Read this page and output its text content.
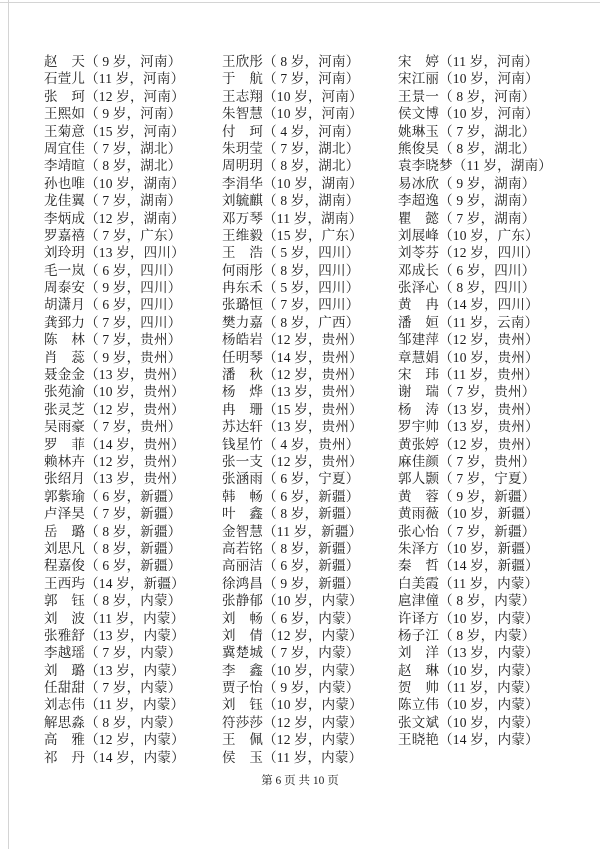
赵　天（ 9 岁，河南）
石萱儿（11 岁，河南）
张　珂（12 岁，河南）
王熙如（ 9 岁，河南）
王菊意（15 岁，河南）
周宜佳（ 7 岁，湖北）
李靖暄（ 8 岁，湖北）
孙也唯（10 岁，湖南）
龙佳翼（ 7 岁，湖南）
李炳成（12 岁，湖南）
罗嘉禧（ 7 岁，广东）
刘玲玥（13 岁，四川）
毛一岚（ 6 岁，四川）
周泰安（ 9 岁，四川）
胡潇月（ 6 岁，四川）
龚郅力（ 7 岁，四川）
陈　林（ 7 岁，贵州）
肖　蕊（ 9 岁，贵州）
聂金金（13 岁，贵州）
张苑渝（10 岁，贵州）
张灵芝（12 岁，贵州）
吴雨豪（ 7 岁，贵州）
罗　菲（14 岁，贵州）
赖林卉（12 岁，贵州）
张绍月（13 岁，贵州）
郭紫瑜（ 6 岁，新疆）
卢泽昊（ 7 岁，新疆）
岳　璐（ 8 岁，新疆）
刘思凡（ 8 岁，新疆）
程嘉俊（ 6 岁，新疆）
王西玙（14 岁，新疆）
郭　钰（ 8 岁，内蒙）
刘　波（11 岁，内蒙）
张雅舒（13 岁，内蒙）
李越瑶（ 7 岁，内蒙）
刘　璐（13 岁，内蒙）
任甜甜（ 7 岁，内蒙）
刘志伟（11 岁，内蒙）
解思淼（ 8 岁，内蒙）
高　雅（12 岁，内蒙）
祁　丹（14 岁，内蒙）
王欣彤（ 8 岁，河南）
于　航（ 7 岁，河南）
王志翔（10 岁，河南）
朱智慧（10 岁，河南）
付　珂（ 4 岁，河南）
朱玥莹（ 7 岁，湖北）
周明玥（ 8 岁，湖北）
李涓华（10 岁，湖南）
刘毓麒（ 8 岁，湖南）
邓万琴（11 岁，湖南）
王维毅（15 岁，广东）
王　浩（ 5 岁，四川）
何雨彤（ 8 岁，四川）
冉东禾（ 5 岁，四川）
张璐恒（ 7 岁，四川）
樊力嘉（ 8 岁，广西）
杨皓岩（12 岁，贵州）
任明琴（14 岁，贵州）
潘　秋（12 岁，贵州）
杨　烨（13 岁，贵州）
冉　珊（15 岁，贵州）
苏达轩（13 岁，贵州）
钱星竹（ 4 岁，贵州）
张一支（12 岁，贵州）
张涵雨（ 6 岁，宁夏）
韩　畅（ 6 岁，新疆）
叶　鑫（ 8 岁，新疆）
金智慧（11 岁，新疆）
高若铭（ 8 岁，新疆）
高丽洁（ 6 岁，新疆）
徐鸿昌（ 9 岁，新疆）
张静郁（10 岁，内蒙）
刘　畅（ 6 岁，内蒙）
刘　倩（12 岁，内蒙）
冀楚城（ 7 岁，内蒙）
李　鑫（10 岁，内蒙）
贾子怡（ 9 岁，内蒙）
刘　钰（10 岁，内蒙）
符莎莎（12 岁，内蒙）
王　佩（12 岁，内蒙）
侯　玉（11 岁，内蒙）
宋　婷（11 岁，河南）
宋江丽（10 岁，河南）
王景一（ 8 岁，河南）
侯文博（10 岁，河南）
姚琳玉（ 7 岁，湖北）
熊俊昊（ 8 岁，湖北）
袁李晓梦（11 岁，湖南）
易冰欣（ 9 岁，湖南）
李超逸（ 9 岁，湖南）
瞿　懿（ 7 岁，湖南）
刘展峰（10 岁，广东）
刘苓芬（12 岁，四川）
邓成长（ 6 岁，四川）
张泽心（ 8 岁，四川）
黄　冉（14 岁，四川）
潘　姮（11 岁，云南）
邹建萍（12 岁，贵州）
章慧娟（10 岁，贵州）
宋　玮（11 岁，贵州）
谢　瑞（ 7 岁，贵州）
杨　涛（13 岁，贵州）
罗宇帅（13 岁，贵州）
黄张婷（12 岁，贵州）
麻佳颜（ 7 岁，贵州）
郭人颢（ 7 岁，宁夏）
黄　蓉（ 9 岁，新疆）
黄雨薇（10 岁，新疆）
张心怡（ 7 岁，新疆）
朱泽方（10 岁，新疆）
秦　哲（14 岁，新疆）
白美霞（11 岁，内蒙）
扈津僮（ 8 岁，内蒙）
许译方（10 岁，内蒙）
杨子江（ 8 岁，内蒙）
刘　洋（13 岁，内蒙）
赵　琳（10 岁，内蒙）
贺　帅（11 岁，内蒙）
陈立伟（10 岁，内蒙）
张文斌（10 岁，内蒙）
王晓艳（14 岁，内蒙）
第 6 页 共 10 页
